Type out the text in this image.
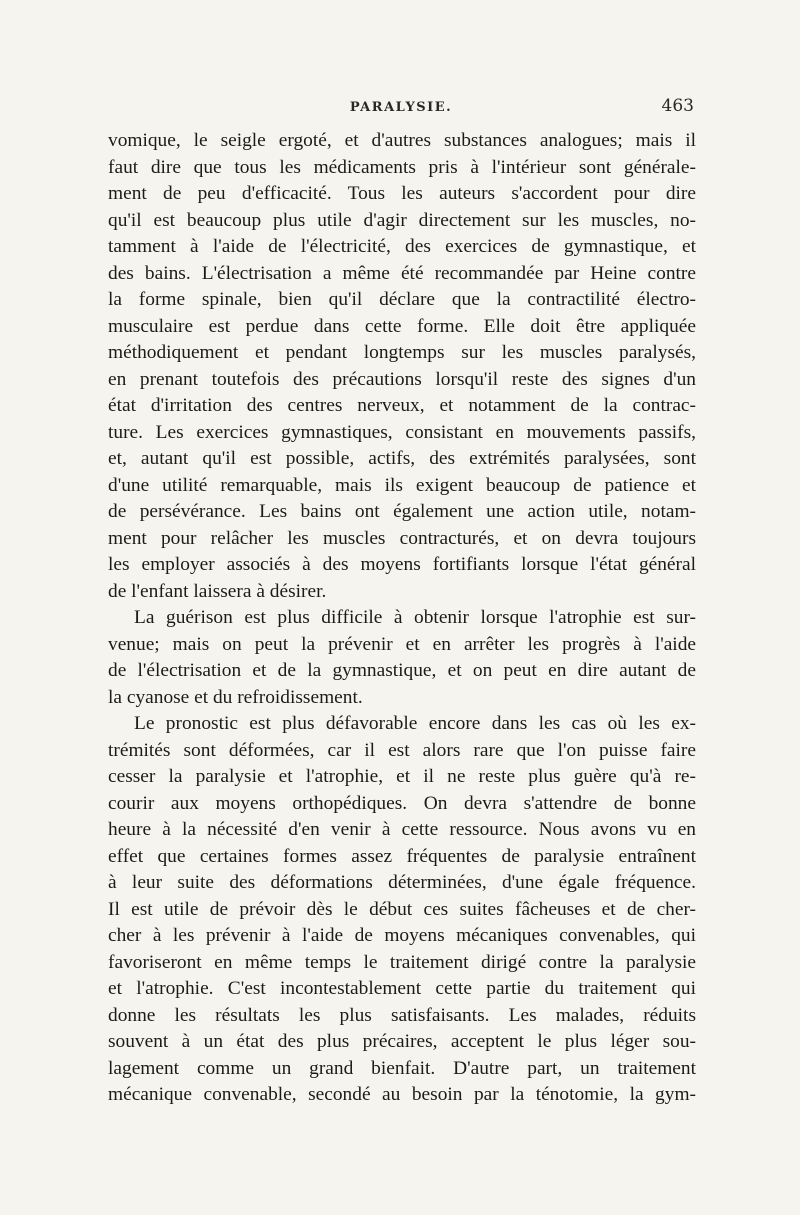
PARALYSIE.	463
vomique, le seigle ergoté, et d'autres substances analogues; mais il
faut dire que tous les médicaments pris à l'intérieur sont générale-
ment de peu d'efficacité. Tous les auteurs s'accordent pour dire
qu'il est beaucoup plus utile d'agir directement sur les muscles, no-
tamment à l'aide de l'électricité, des exercices de gymnastique, et
des bains. L'électrisation a même été recommandée par Heine contre
la forme spinale, bien qu'il déclare que la contractilité électro-
musculaire est perdue dans cette forme. Elle doit être appliquée
méthodiquement et pendant longtemps sur les muscles paralysés,
en prenant toutefois des précautions lorsqu'il reste des signes d'un
état d'irritation des centres nerveux, et notamment de la contrac-
ture. Les exercices gymnastiques, consistant en mouvements passifs,
et, autant qu'il est possible, actifs, des extrémités paralysées, sont
d'une utilité remarquable, mais ils exigent beaucoup de patience et
de persévérance. Les bains ont également une action utile, notam-
ment pour relâcher les muscles contracturés, et on devra toujours
les employer associés à des moyens fortifiants lorsque l'état général
de l'enfant laissera à désirer.
La guérison est plus difficile à obtenir lorsque l'atrophie est sur-
venue; mais on peut la prévenir et en arrêter les progrès à l'aide
de l'électrisation et de la gymnastique, et on peut en dire autant de
la cyanose et du refroidissement.
Le pronostic est plus défavorable encore dans les cas où les ex-
trémités sont déformées, car il est alors rare que l'on puisse faire
cesser la paralysie et l'atrophie, et il ne reste plus guère qu'à re-
courir aux moyens orthopédiques. On devra s'attendre de bonne
heure à la nécessité d'en venir à cette ressource. Nous avons vu en
effet que certaines formes assez fréquentes de paralysie entraînent
à leur suite des déformations déterminées, d'une égale fréquence.
Il est utile de prévoir dès le début ces suites fâcheuses et de cher-
cher à les prévenir à l'aide de moyens mécaniques convenables, qui
favoriseront en même temps le traitement dirigé contre la paralysie
et l'atrophie. C'est incontestablement cette partie du traitement qui
donne les résultats les plus satisfaisants. Les malades, réduits
souvent à un état des plus précaires, acceptent le plus léger sou-
lagement comme un grand bienfait. D'autre part, un traitement
mécanique convenable, secondé au besoin par la ténotomie, la gym-
